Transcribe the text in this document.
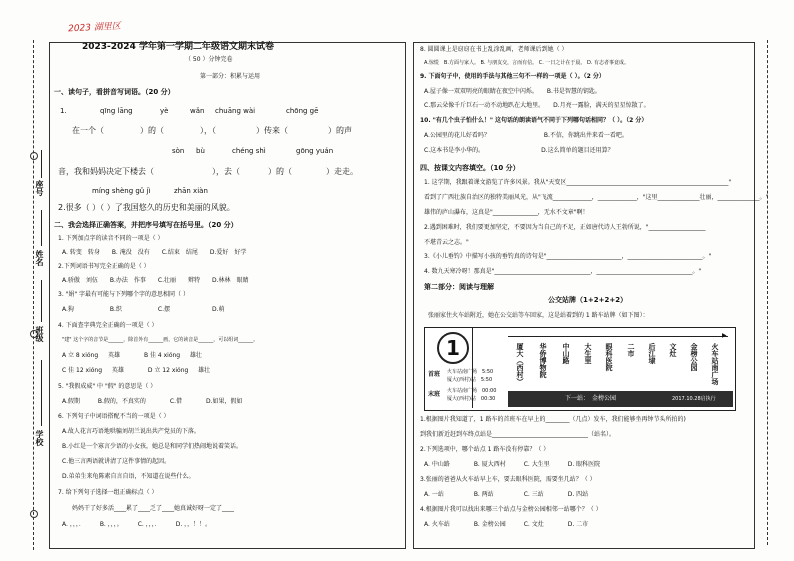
2023 湖里区
座号
姓名
班级
学校
2023-2024 学年第一学期二年级语文期末试卷
（ 50 ）分钟完卷
第一部分：积累与运用
一、读句子，看拼音写词语。（20 分）
1.	qīng lāng	yè	wǎn chuāng wài	chōng gē
在一个（	）的（	），（	）传来（	）的声
sòn bù	chéng shì	gōng yuán
音，我和妈妈决定下楼去（	），去（	）的（	）走走。
míng shèng gǔ jì	zhān xiàn
2.很多（ ）（ ）了我国悠久的历史和美丽的风貌。
二、我会选择正确答案，并把序号填写在括号里。（20 分）
1. 下列加点字的读音不同的一项是（ ）
A. 转变　转身　　B. 淹没　没有　　C.结束　结尾　　D.爱好　好学
2.下列词语书写完全正确的是（ ）
A.骄傲　刘伍　　B.办法　作事　　C.壮丽　　辫特　　D.林林　眼睛
3. "娟" 字最有可能与下列哪个字的意思相同（ ）
A.狗　　　　　　B.织　　　　　　C.摆　　　　　　　D.萌
4. 下面查字典完全正确的一项是（ ）
"建" 这个字的音节是______，除首外有______画，它的读音是______，可以组词______。
A 立 8 xióng 　 英雄　　　　B 佳 4 xióng 　 雄壮
C 佳 12 xióng 　 英雄　　　　D 立 12 xióng 　 雄壮
5. "我假成威" 中 "假" 的意思是（ ）
A.假期　　　B.假的，不真实的　　　　C.借　　　　D.如果，假如
6. 下列句子中词语搭配不当的一项是（ ）
A.故人花言巧语地哄骗刘胡兰说出共产党员的下落。
B.小红是一个寡言少语的小女孩，她总是和同学们热闹地说着笑话。
C.他三言两语就讲清了这件事情的起因。
D.弟弟生来龟陈素自言自语，不知道在说些什么。
7. 给下列句子选择一组正确标点（ ）
妈妈干了好多活____累了____乏了____她真诚好呀一定了____
A. ，，，．　　　B. ，，，。　　　C. ，，，．　　　D. ，，！！。
8. 圆圆课上是窃窃在书上乱涂乱画，老师课后到她（ ）
A.惊慌　B.方面与家人。 B. 与朋友交，言而有信。 C. 一日之计在于晨。 D. 有志者事竟成。
9. 下面句子中，使用的手法与其他三句不一样的一项是（ ）。（2 分）
A.屋子像一双双明亮的眼睛在夜空中闪烁。　　B.书是智慧的钥匙。
C.那云朵像千斤巨石一动不动地趴在大地里。　　D.月亮一露脸，满天的星星惊散了。
10. "有几个虫子怕什么！" 这句话的朗读语气不同于下列哪句话相同？（ ）。（2 分）
A.公园里的花儿好看吗？　　　　　　　　　B.不信，你跳出井来看一看吧。
C.这本书是李小华的。　　　　　　　　　　D.这么简单的题目还用算？
四、按课文内容填空。（10 分）
1. 这学期，我跟着课文游览了许多风景。我从"天变区______________________________________________________"
看到了广西壮族自治区的独特美丽风光，从"飞流_____________，_____________，"这里______________壮丽，______________。"
雄伟的庐山瀑布，这真是"_______________，无水不文章"啊！
2.遇到困难时，我们要更加坚定，不要因为当自己的不足，正如唐代诗人王勃所说，"___________________
不堪青云之志。"
3.《小儿垂钓》中描写小孩的垂钓真的诗句是"_________________________，_________________________。"
4. 数九天寒冷呀！那真是"________________________________，________________________________。"
第二部分：阅读与理解
公交站牌（1+2+2+2）
张丽家住火车站附近，她在公交站等车回家，这是站着到的 1 路车站牌（如下图）：
1
首班
末班
火车站南广场　5:50
厦大(西村)站　5:50
火车站南广场　00:00
厦大(西村)站　00:30
▶
厦大（西村）	华侨博物院	中山路	大生里	眼科医院	二市	后江埭	文灶	金榜公园	火车站南广场
下一站：　金榜公园	2017.10.28启执行
1.根据图片我知道了，1 路车的首班车在早上的________（几点）发车，我们能够坐再钟节头所拍的)
到我们新近赶到车终点站是________________________________（站名）。
2.下列选项中，哪个站点 1 路车没有停靠？（ ）
A. 中山路　　　　B. 厦大西村　　　C. 大生里　　　D. 眼科医院
3.张丽的爸爸从火车站早上车，要去眼科医院，需要坐几站？（ ）
A. 一站　　　　　B. 两站　　　　　C. 三站　　　　D. 四站
4.根据图片我可以找出来哪三个站点与金榜公园相邻一站哪个？（ ）
A. 火车站　　　　B. 金榜公园　　　C. 文灶　　　　D. 二市
